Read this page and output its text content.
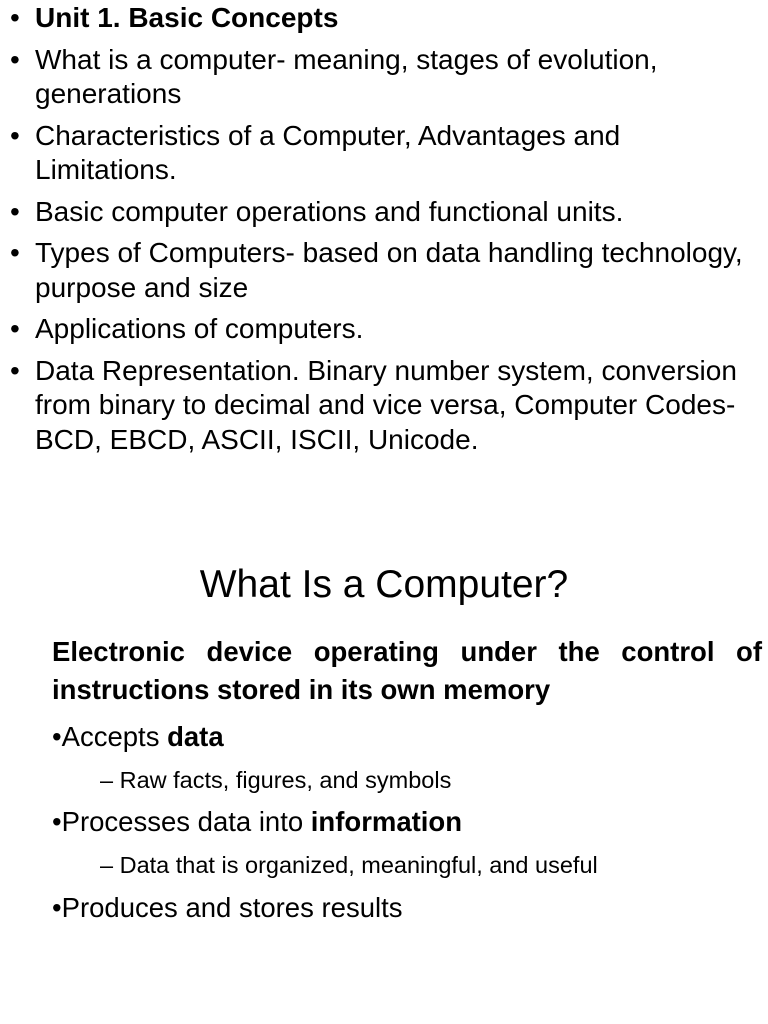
• Unit 1. Basic Concepts
• What is a computer- meaning, stages of evolution, generations
• Characteristics of a Computer, Advantages and Limitations.
• Basic computer operations and functional units.
• Types of Computers- based on data handling technology, purpose and size
• Applications of computers.
• Data Representation. Binary number system, conversion from binary to decimal and vice versa, Computer Codes- BCD, EBCD, ASCII, ISCII, Unicode.
What Is a Computer?
Electronic device operating under the control of instructions stored in its own memory
•Accepts data
– Raw facts, figures, and symbols
•Processes data into information
– Data that is organized, meaningful, and useful
•Produces and stores results
